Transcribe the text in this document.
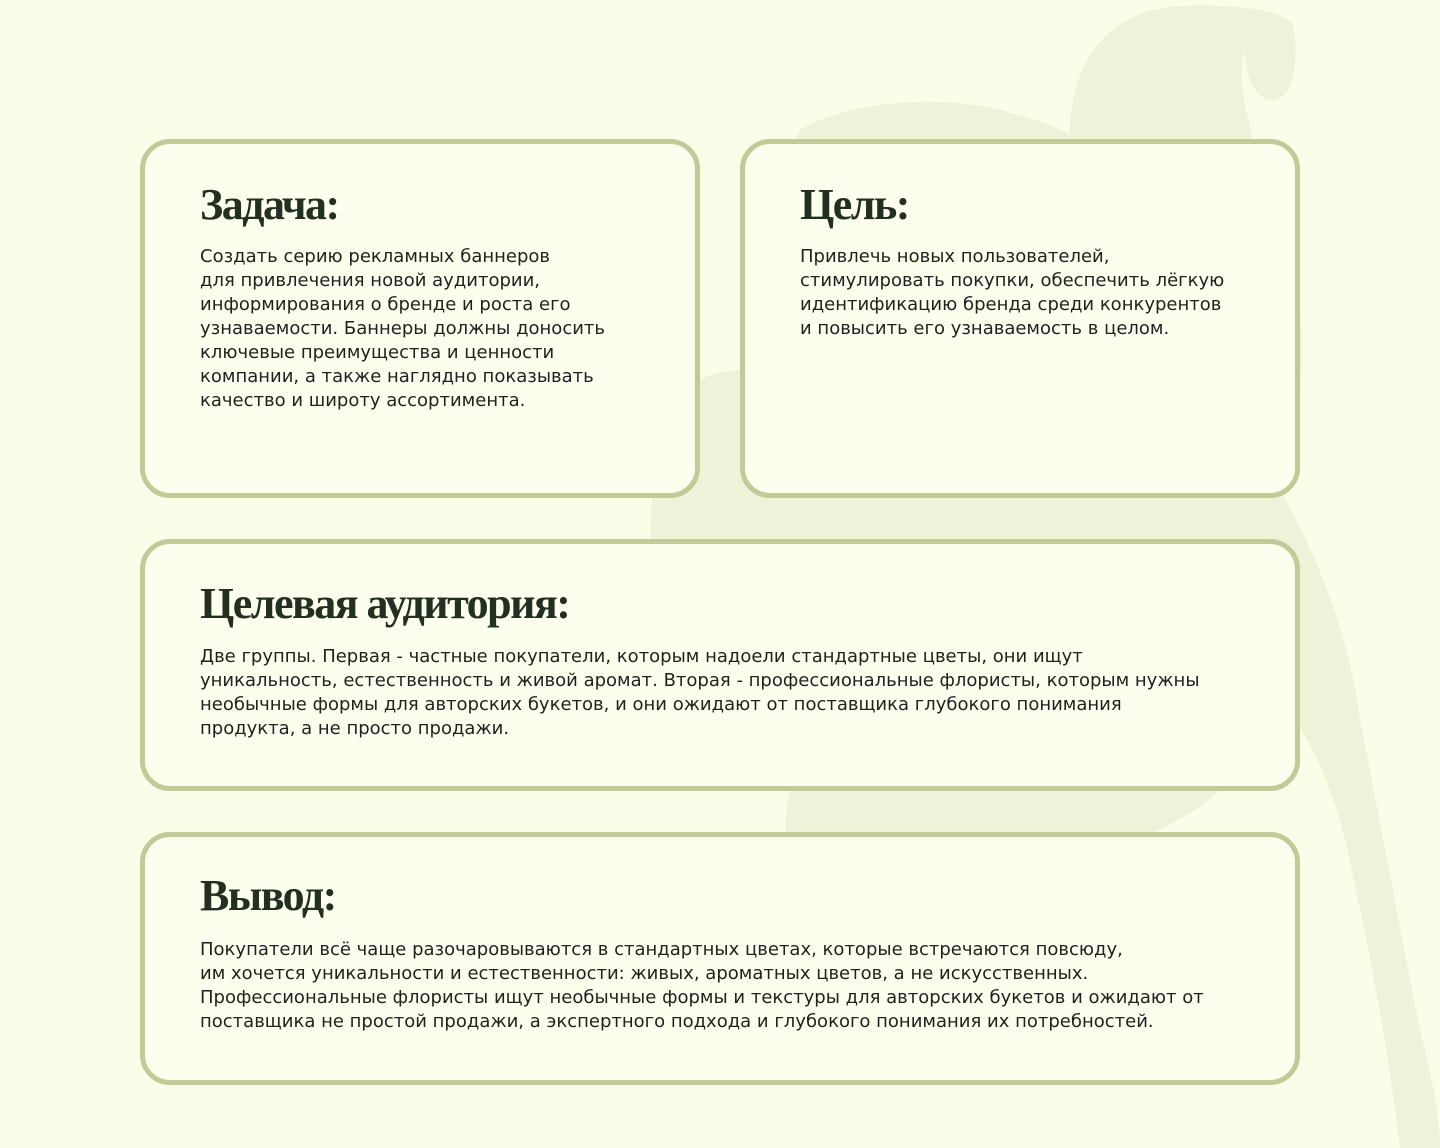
Задача:

Создать серию рекламных баннеров
для привлечения новой аудитории,
информирования о бренде и роста его
узнаваемости. Баннеры должны доносить
ключевые преимущества и ценности
компании, а также наглядно показывать
качество и широту ассортимента.

Цель:

Привлечь новых пользователей,
стимулировать покупки, обеспечить лёгкую
идентификацию бренда среди конкурентов
и повысить его узнаваемость в целом.

Целевая аудитория:

Две группы. Первая - частные покупатели, которым надоели стандартные цветы, они ищут
уникальность, естественность и живой аромат. Вторая - профессиональные флористы, которым нужны
необычные формы для авторских букетов, и они ожидают от поставщика глубокого понимания
продукта, а не просто продажи.

Вывод:

Покупатели всё чаще разочаровываются в стандартных цветах, которые встречаются повсюду,
им хочется уникальности и естественности: живых, ароматных цветов, а не искусственных.
Профессиональные флористы ищут необычные формы и текстуры для авторских букетов и ожидают от
поставщика не простой продажи, а экспертного подхода и глубокого понимания их потребностей.
